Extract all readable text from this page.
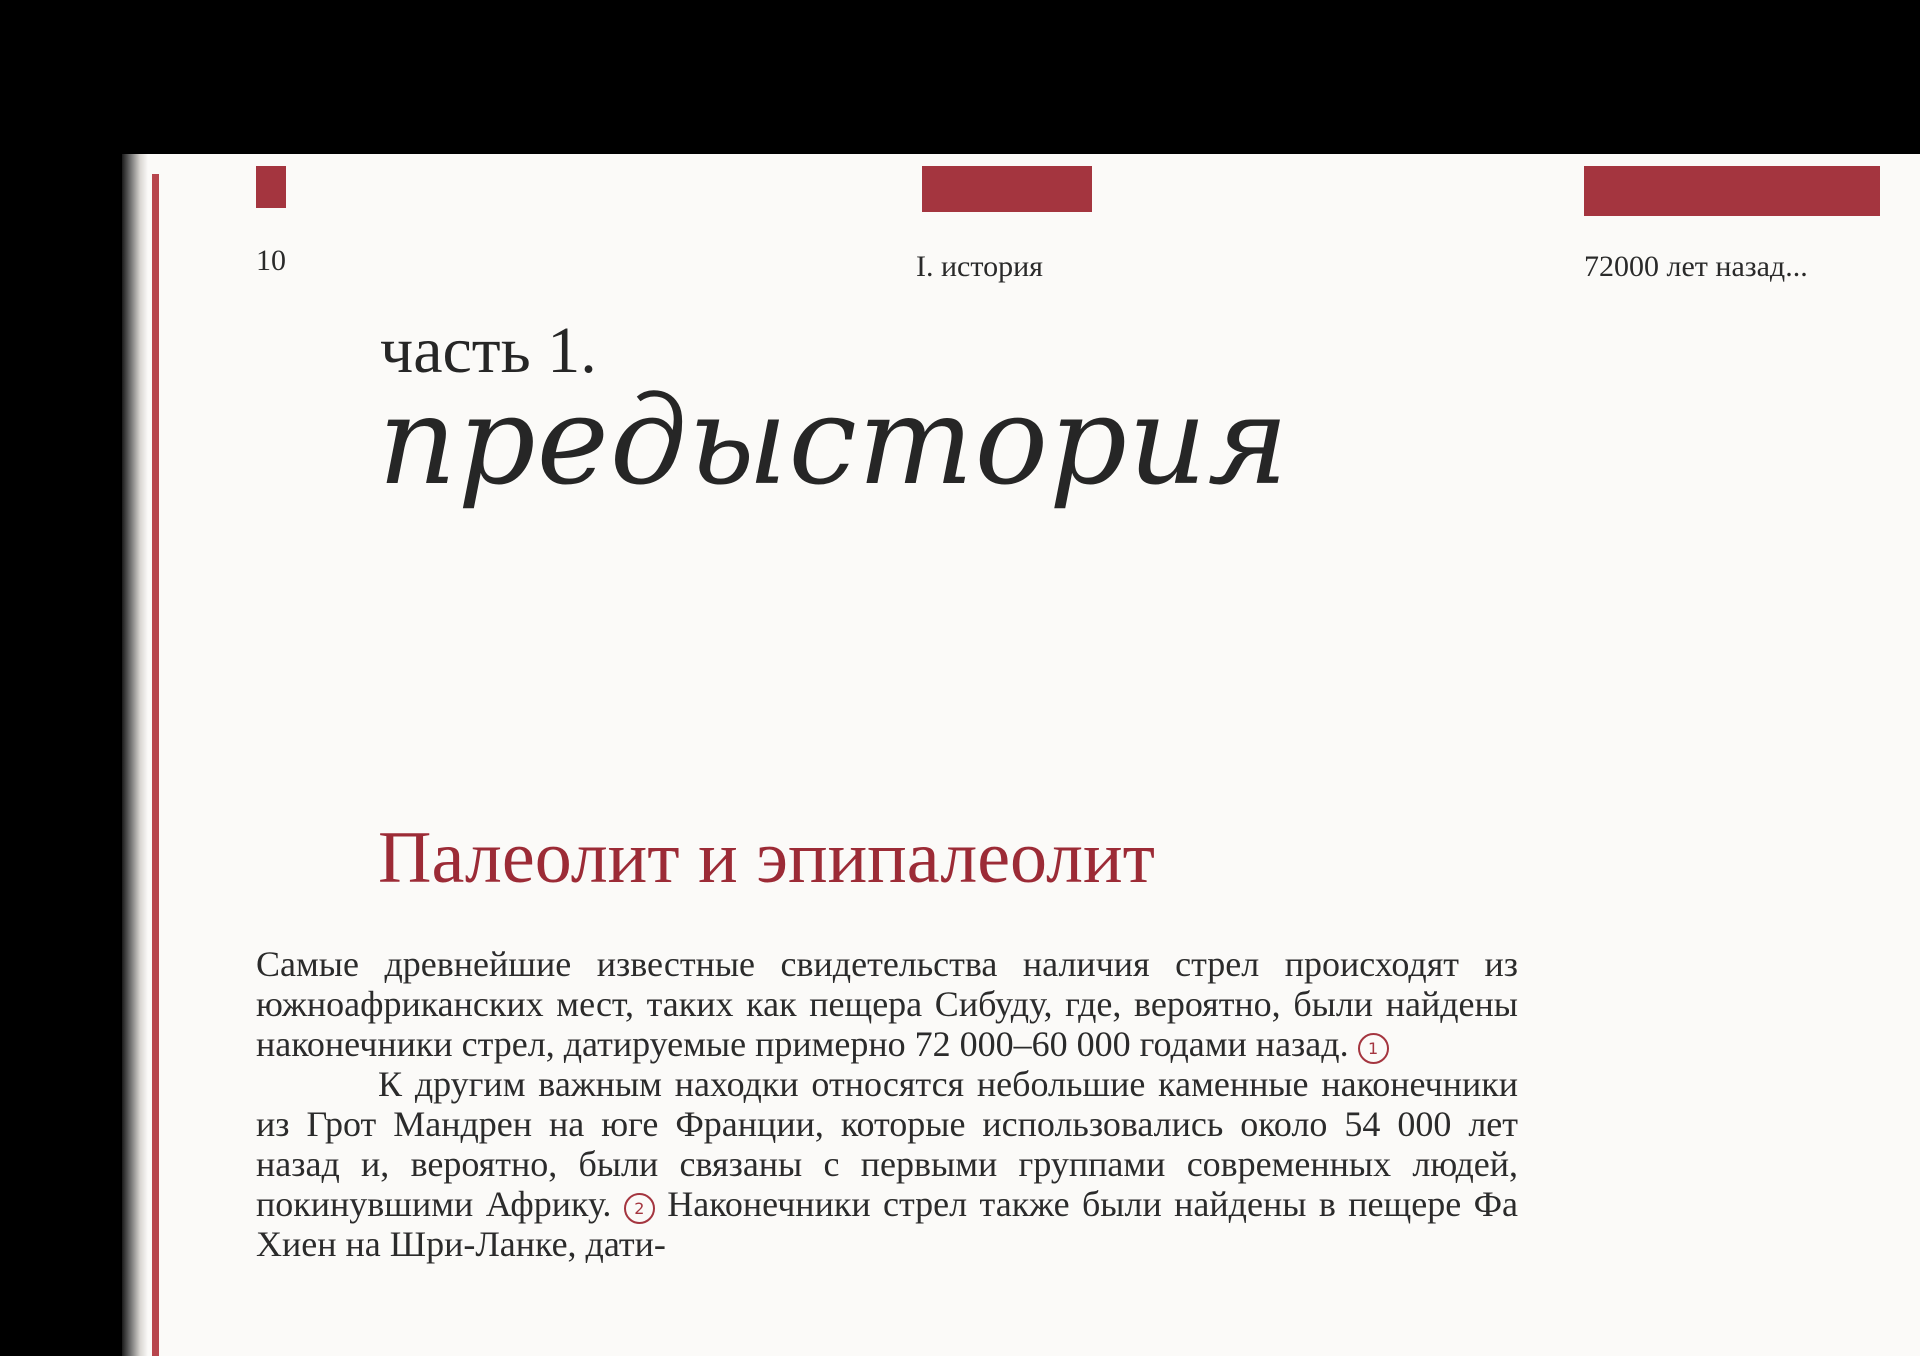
10	I. история	72000 лет назад...
часть 1.
предыстория
Палеолит и эпипалеолит

Самые древнейшие известные свидетельства наличия стрел происходят из южноафриканских мест, таких как пещера Сибуду, где, вероятно, были найдены наконечники стрел, датируемые примерно 72 000–60 000 годами назад. 1

К другим важным находки относятся небольшие каменные наконечники из Грот Мандрен на юге Франции, которые использовались около 54 000 лет назад и, вероятно, были связаны с первыми группами современных людей, покинувшими Африку. 2 Наконечники стрел также были найдены в пещере Фа Хиен на Шри-Ланке, дати-
